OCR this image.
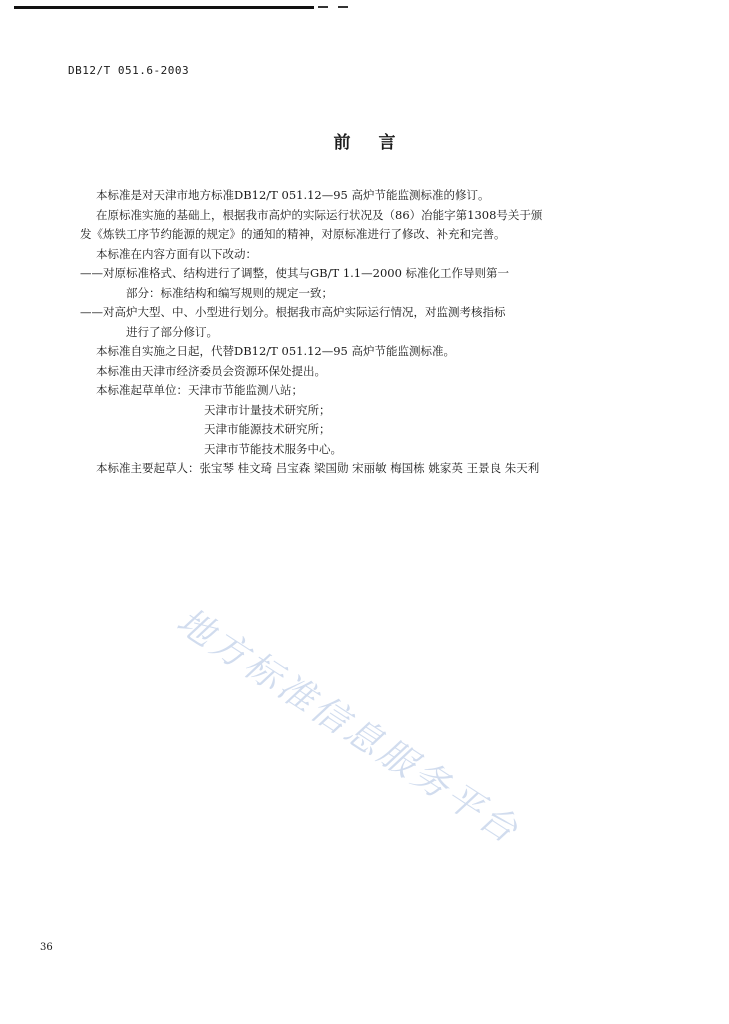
DB12/T 051.6-2003
前言
本标准是对天津市地方标准DB12/T 051.12—95 高炉节能监测标准的修订。
在原标准实施的基础上，根据我市高炉的实际运行状况及（86）冶能字第1308号关于颁
发《炼铁工序节约能源的规定》的通知的精神，对原标准进行了修改、补充和完善。
本标准在内容方面有以下改动：
——对原标准格式、结构进行了调整，使其与GB/T 1.1—2000 标准化工作导则第一
部分：标准结构和编写规则的规定一致；
——对高炉大型、中、小型进行划分。根据我市高炉实际运行情况，对监测考核指标
进行了部分修订。
本标准自实施之日起，代替DB12/T 051.12—95 高炉节能监测标准。
本标准由天津市经济委员会资源环保处提出。
本标准起草单位：天津市节能监测八站；
天津市计量技术研究所；
天津市能源技术研究所；
天津市节能技术服务中心。
本标准主要起草人：张宝琴 桂文琦 吕宝森 梁国勋 宋丽敏 梅国栋 姚家英 王景良 朱天利
地方标准信息服务平台
36
